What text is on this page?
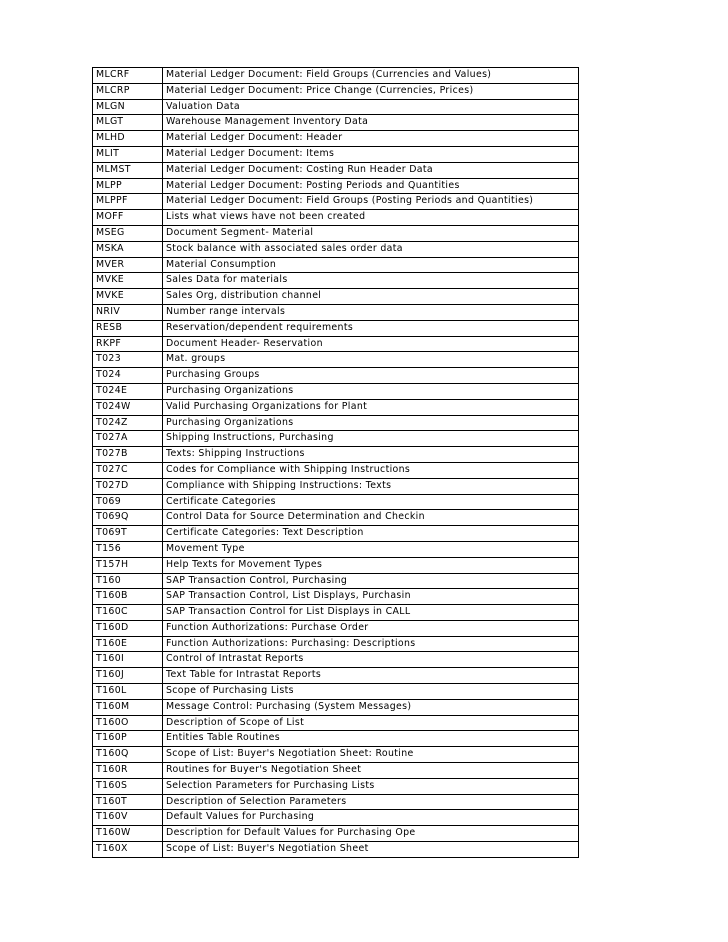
MLCRF	Material Ledger Document: Field Groups (Currencies and Values)
MLCRP	Material Ledger Document: Price Change (Currencies, Prices)
MLGN	Valuation Data
MLGT	Warehouse Management Inventory Data
MLHD	Material Ledger Document: Header
MLIT	Material Ledger Document: Items
MLMST	Material Ledger Document: Costing Run Header Data
MLPP	Material Ledger Document: Posting Periods and Quantities
MLPPF	Material Ledger Document: Field Groups (Posting Periods and Quantities)
MOFF	Lists what views have not been created
MSEG	Document Segment- Material
MSKA	Stock balance with associated sales order data
MVER	Material Consumption
MVKE	Sales Data for materials
MVKE	Sales Org, distribution channel
NRIV	Number range intervals
RESB	Reservation/dependent requirements
RKPF	Document Header- Reservation
T023	Mat. groups
T024	Purchasing Groups
T024E	Purchasing Organizations
T024W	Valid Purchasing Organizations for Plant
T024Z	Purchasing Organizations
T027A	Shipping Instructions, Purchasing
T027B	Texts: Shipping Instructions
T027C	Codes for Compliance with Shipping Instructions
T027D	Compliance with Shipping Instructions: Texts
T069	Certificate Categories
T069Q	Control Data for Source Determination and Checkin
T069T	Certificate Categories: Text Description
T156	Movement Type
T157H	Help Texts for Movement Types
T160	SAP Transaction Control, Purchasing
T160B	SAP Transaction Control, List Displays, Purchasin
T160C	SAP Transaction Control for List Displays in CALL
T160D	Function Authorizations: Purchase Order
T160E	Function Authorizations: Purchasing: Descriptions
T160I	Control of Intrastat Reports
T160J	Text Table for Intrastat Reports
T160L	Scope of Purchasing Lists
T160M	Message Control: Purchasing (System Messages)
T160O	Description of Scope of List
T160P	Entities Table Routines
T160Q	Scope of List: Buyer's Negotiation Sheet: Routine
T160R	Routines for Buyer's Negotiation Sheet
T160S	Selection Parameters for Purchasing Lists
T160T	Description of Selection Parameters
T160V	Default Values for Purchasing
T160W	Description for Default Values for Purchasing Ope
T160X	Scope of List: Buyer's Negotiation Sheet
